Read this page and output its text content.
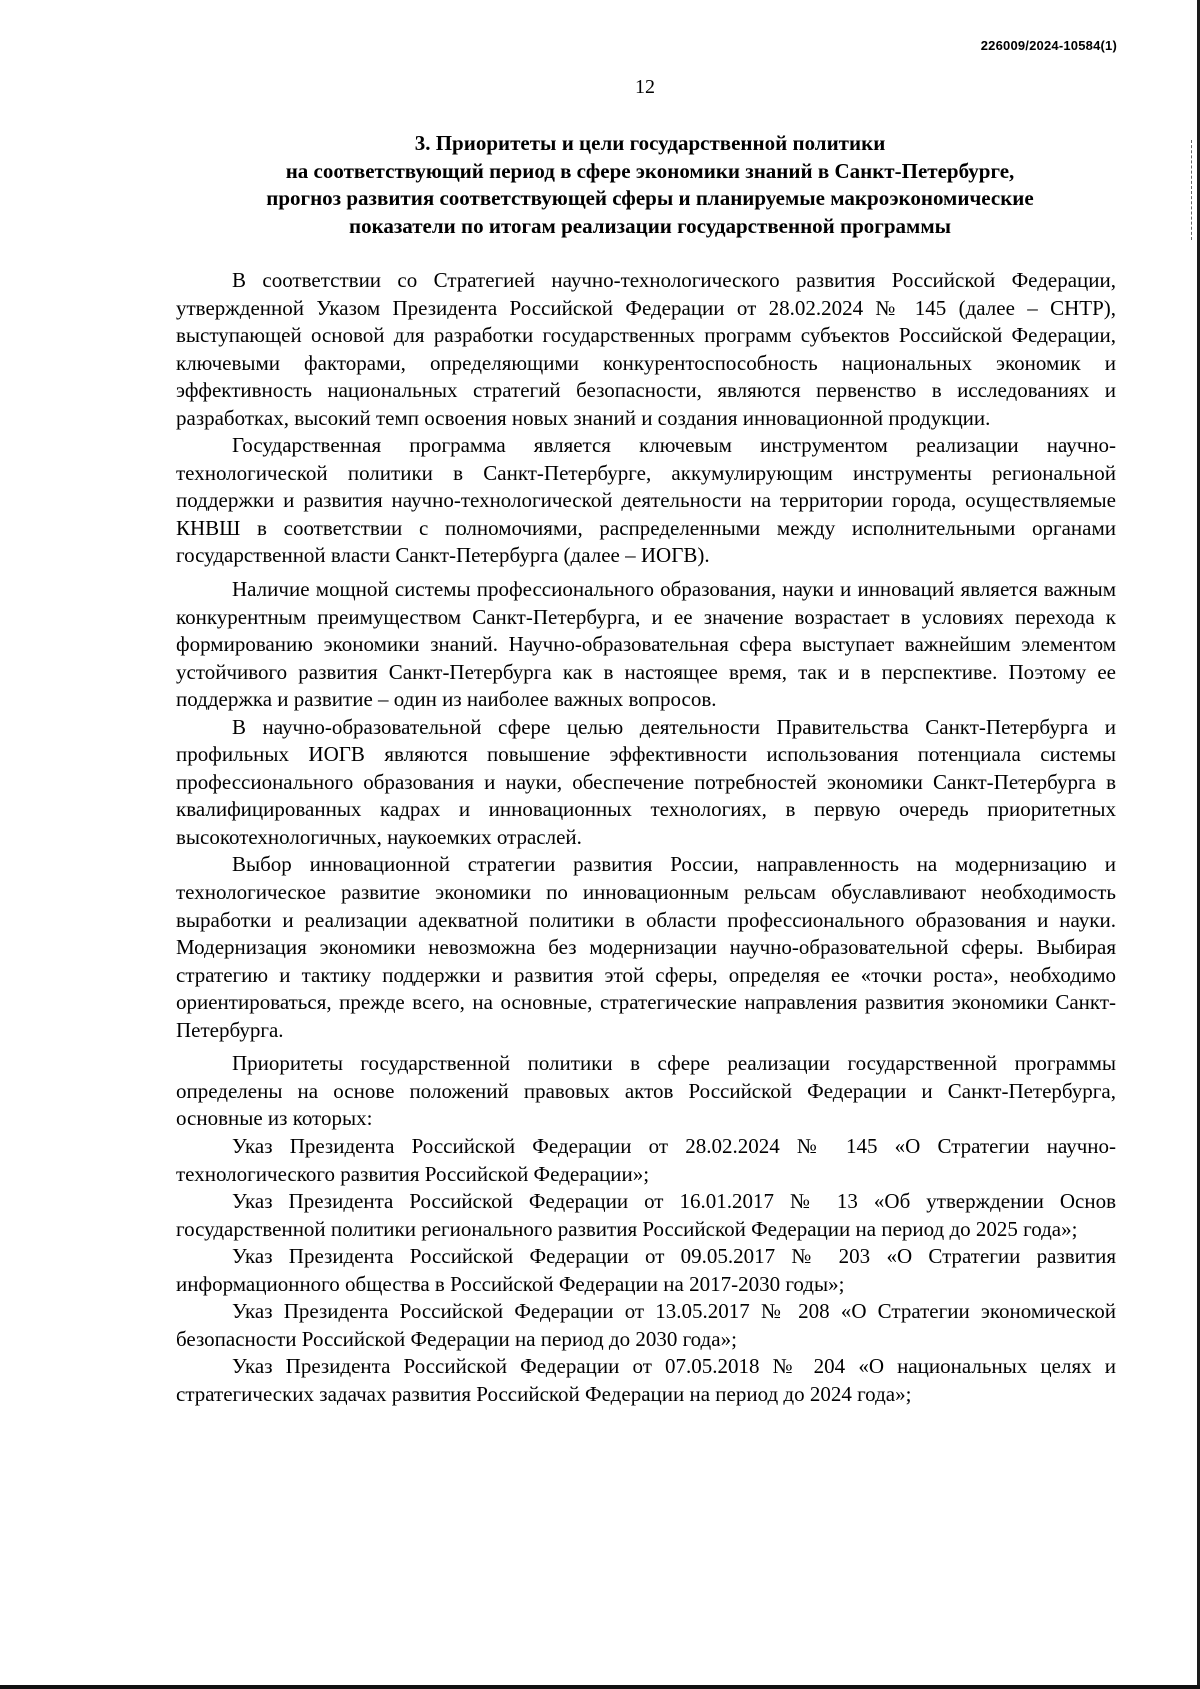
226009/2024-10584(1)
12
3. Приоритеты и цели государственной политики
на соответствующий период в сфере экономики знаний в Санкт-Петербурге,
прогноз развития соответствующей сферы и планируемые макроэкономические
показатели по итогам реализации государственной программы

В соответствии со Стратегией научно-технологического развития Российской Федерации, утвержденной Указом Президента Российской Федерации от 28.02.2024 № 145 (далее – СНТР), выступающей основой для разработки государственных программ субъектов Российской Федерации, ключевыми факторами, определяющими конкурентоспособность национальных экономик и эффективность национальных стратегий безопасности, являются первенство в исследованиях и разработках, высокий темп освоения новых знаний и создания инновационной продукции.

Государственная программа является ключевым инструментом реализации научно-технологической политики в Санкт-Петербурге, аккумулирующим инструменты региональной поддержки и развития научно-технологической деятельности на территории города, осуществляемые КНВШ в соответствии с полномочиями, распределенными между исполнительными органами государственной власти Санкт-Петербурга (далее – ИОГВ).

Наличие мощной системы профессионального образования, науки и инноваций является важным конкурентным преимуществом Санкт-Петербурга, и ее значение возрастает в условиях перехода к формированию экономики знаний. Научно-образовательная сфера выступает важнейшим элементом устойчивого развития Санкт-Петербурга как в настоящее время, так и в перспективе. Поэтому ее поддержка и развитие – один из наиболее важных вопросов.

В научно-образовательной сфере целью деятельности Правительства Санкт-Петербурга и профильных ИОГВ являются повышение эффективности использования потенциала системы профессионального образования и науки, обеспечение потребностей экономики Санкт-Петербурга в квалифицированных кадрах и инновационных технологиях, в первую очередь приоритетных высокотехнологичных, наукоемких отраслей.

Выбор инновационной стратегии развития России, направленность на модернизацию и технологическое развитие экономики по инновационным рельсам обуславливают необходимость выработки и реализации адекватной политики в области профессионального образования и науки. Модернизация экономики невозможна без модернизации научно-образовательной сферы. Выбирая стратегию и тактику поддержки и развития этой сферы, определяя ее «точки роста», необходимо ориентироваться, прежде всего, на основные, стратегические направления развития экономики Санкт-Петербурга.

Приоритеты государственной политики в сфере реализации государственной программы определены на основе положений правовых актов Российской Федерации и Санкт-Петербурга, основные из которых:

Указ Президента Российской Федерации от 28.02.2024 № 145 «О Стратегии научно-технологического развития Российской Федерации»;

Указ Президента Российской Федерации от 16.01.2017 № 13 «Об утверждении Основ государственной политики регионального развития Российской Федерации на период до 2025 года»;

Указ Президента Российской Федерации от 09.05.2017 № 203 «О Стратегии развития информационного общества в Российской Федерации на 2017-2030 годы»;

Указ Президента Российской Федерации от 13.05.2017 № 208 «О Стратегии экономической безопасности Российской Федерации на период до 2030 года»;

Указ Президента Российской Федерации от 07.05.2018 № 204 «О национальных целях и стратегических задачах развития Российской Федерации на период до 2024 года»;
